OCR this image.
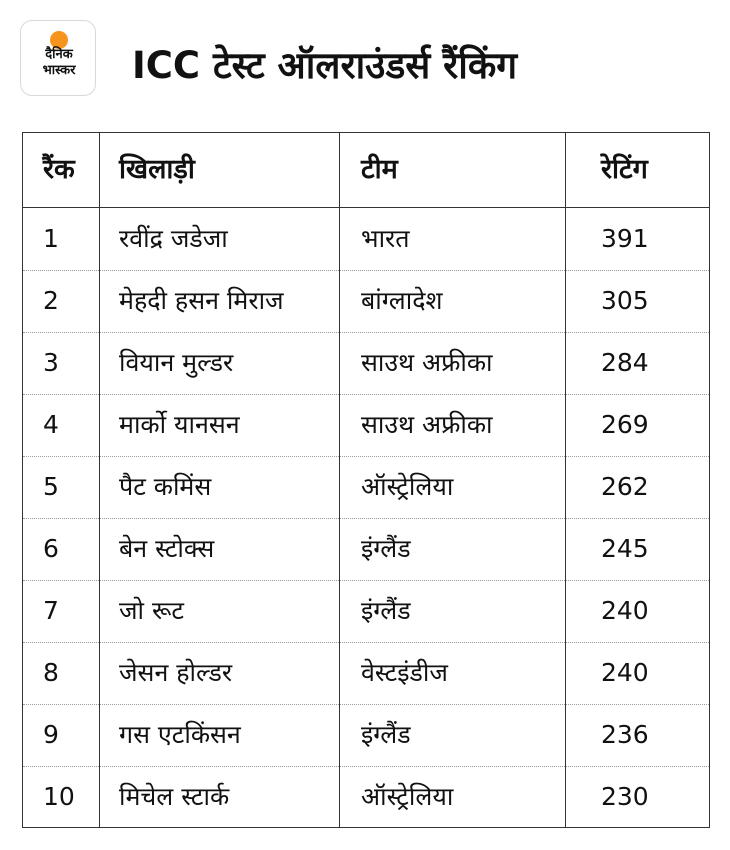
दैनिक
भास्कर	ICC टेस्ट ऑलराउंडर्स रैंकिंग
रैंक खिलाड़ी	टीम	रेटिंग
1 रवींद्र जडेजा	भारत	391
2 मेहदी हसन मिराज	बांग्लादेश	305
3 वियान मुल्डर	साउथ अफ्रीका	284
4 मार्को यानसन	साउथ अफ्रीका	269
5 पैट कमिंस	ऑस्ट्रेलिया	262
6 बेन स्टोक्स	इंग्लैंड	245
7 जो रूट	इंग्लैंड	240
8 जेसन होल्डर	वेस्टइंडीज	240
9 गस एटकिंसन	इंग्लैंड	236
10 मिचेल स्टार्क	ऑस्ट्रेलिया	230
